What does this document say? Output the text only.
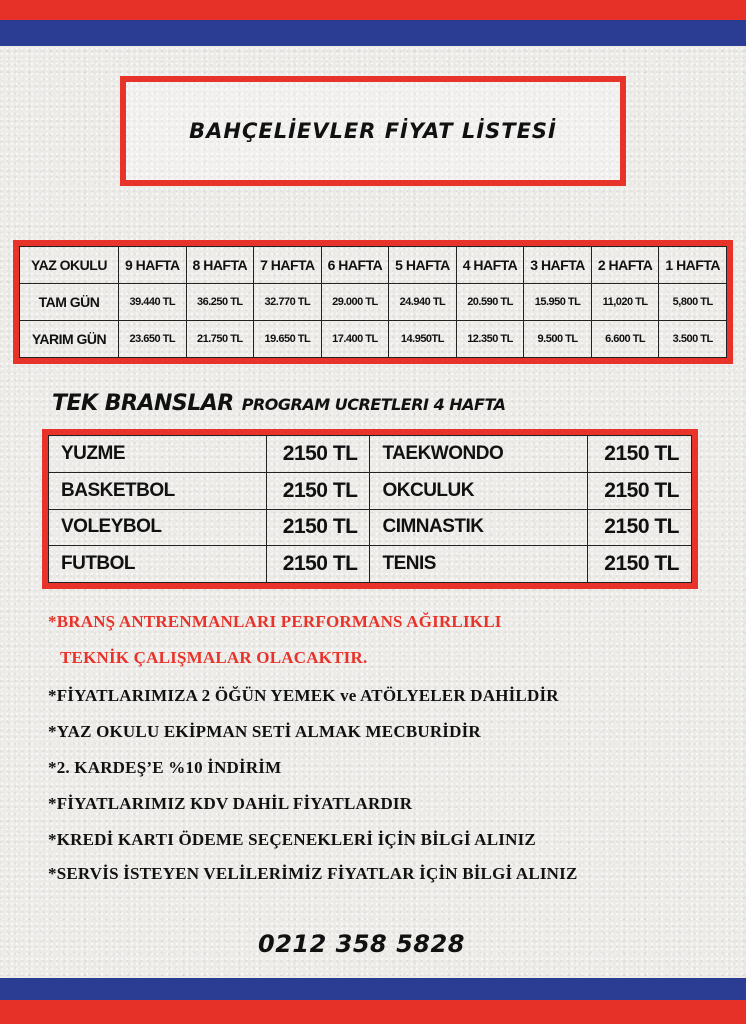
BAHÇELİEVLER FİYAT LİSTESİ
YAZ OKULU	9 HAFTA	8 HAFTA	7 HAFTA	6 HAFTA	5 HAFTA	4 HAFTA	3 HAFTA	2 HAFTA	1 HAFTA
TAM GÜN	39.440 TL	36.250 TL	32.770 TL	29.000 TL	24.940 TL	20.590 TL	15.950 TL	11,020 TL	5,800 TL
YARIM GÜN	23.650 TL	21.750 TL	19.650 TL	17.400 TL	14.950TL	12.350 TL	9.500 TL	6.600 TL	3.500 TL
TEK BRANSLAR PROGRAM UCRETLERI 4 HAFTA
YUZME	2150 TL	TAEKWONDO	2150 TL
BASKETBOL	2150 TL	OKCULUK	2150 TL
VOLEYBOL	2150 TL	CIMNASTIK	2150 TL
FUTBOL	2150 TL	TENIS	2150 TL
*BRANŞ ANTRENMANLARI PERFORMANS AĞIRLIKLI
TEKNİK ÇALIŞMALAR OLACAKTIR.
*FİYATLARIMIZA 2 ÖĞÜN YEMEK ve ATÖLYELER DAHİLDİR
*YAZ OKULU EKİPMAN SETİ ALMAK MECBURİDİR
*2. KARDEŞ’E %10 İNDİRİM
*FİYATLARIMIZ KDV DAHİL FİYATLARDIR
*KREDİ KARTI ÖDEME SEÇENEKLERİ İÇİN BİLGİ ALINIZ
*SERVİS İSTEYEN VELİLERİMİZ FİYATLAR İÇİN BİLGİ ALINIZ
0212 358 5828
